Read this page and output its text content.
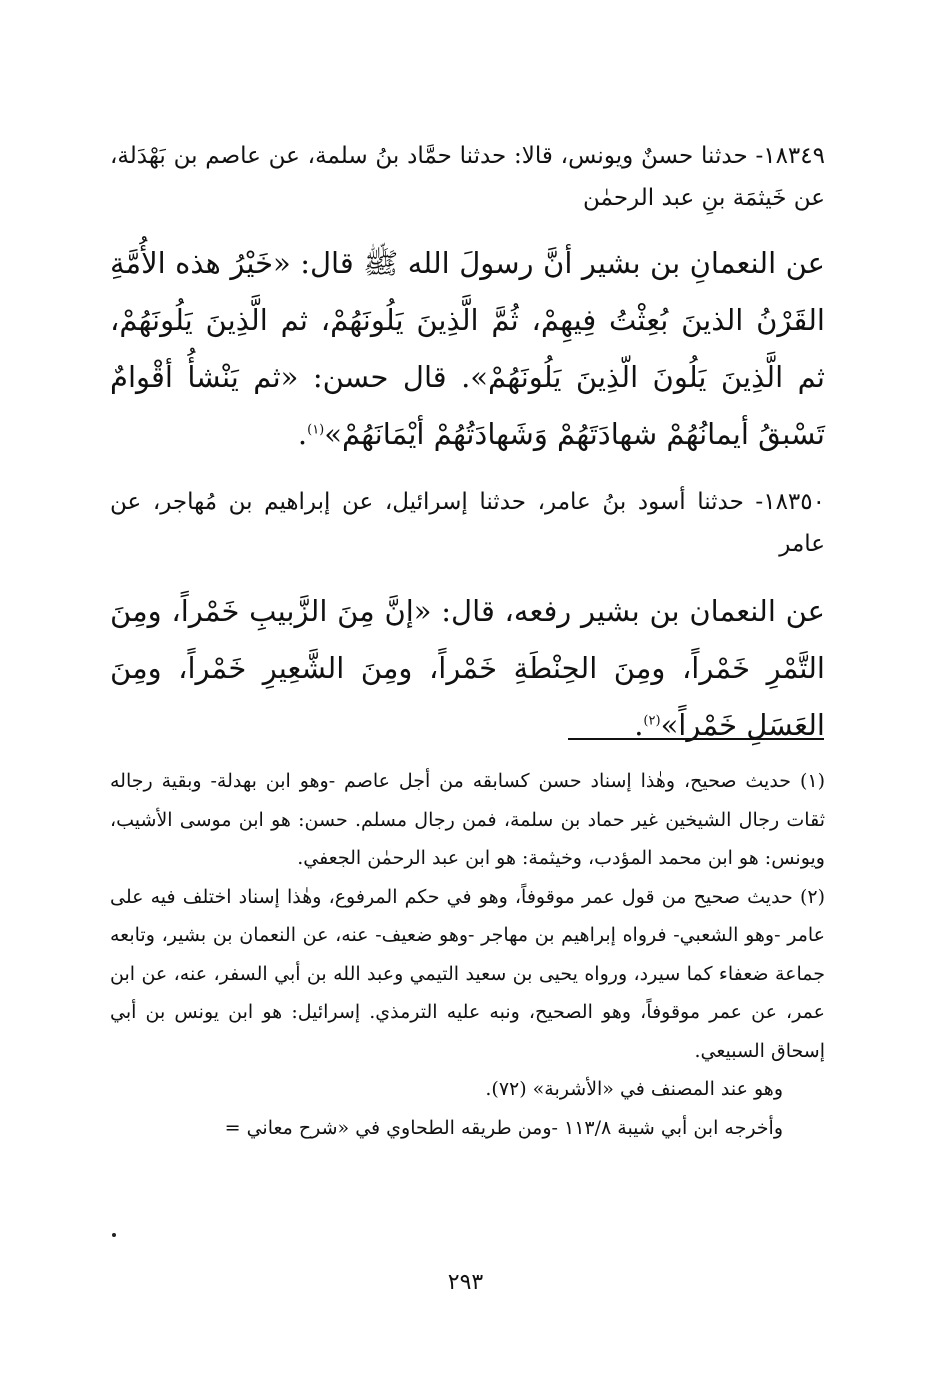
١٨٣٤٩- حدثنا حسنٌ ويونس، قالا: حدثنا حمَّاد بنُ سلمة، عن عاصم بن بَهْدَلة، عن خَيثمَة بنِ عبد الرحمٰن

عن النعمانِ بن بشير أنَّ رسولَ الله ﷺ قال: «خَيْرُ هذه الأُمَّةِ القَرْنُ الذينَ بُعِثْتُ فِيهِمْ، ثُمَّ الَّذِينَ يَلُونَهُمْ، ثم الَّذِينَ يَلُونَهُمْ، ثم الَّذِينَ يَلُونَ الّذِينَ يَلُونَهُمْ». قال حسن: «ثم يَنْشأُ أقْوامٌ تَسْبقُ أيمانُهُمْ شهادَتَهُمْ وَشَهادَتُهُمْ أيْمَانَهُمْ»$^{(١)}$.

١٨٣٥٠- حدثنا أسود بنُ عامر، حدثنا إسرائيل، عن إبراهيم بن مُهاجر، عن عامر

عن النعمان بن بشير رفعه، قال: «إنَّ مِنَ الزَّبيبِ خَمْراً، ومِنَ التَّمْرِ خَمْراً، ومِنَ الحِنْطَةِ خَمْراً، ومِنَ الشَّعِيرِ خَمْراً، ومِنَ العَسَلِ خَمْراً»$^{(٢)}$.

(١) حديث صحيح، وهٰذا إسناد حسن كسابقه من أجل عاصم -وهو ابن بهدلة- وبقية رجاله ثقات رجال الشيخين غير حماد بن سلمة، فمن رجال مسلم. حسن: هو ابن موسى الأشيب، ويونس: هو ابن محمد المؤدب، وخيثمة: هو ابن عبد الرحمٰن الجعفي.

(٢) حديث صحيح من قول عمر موقوفاً، وهو في حكم المرفوع، وهٰذا إسناد اختلف فيه على عامر -وهو الشعبي- فرواه إبراهيم بن مهاجر -وهو ضعيف- عنه، عن النعمان بن بشير، وتابعه جماعة ضعفاء كما سيرد، ورواه يحيى بن سعيد التيمي وعبد الله بن أبي السفر، عنه، عن ابن عمر، عن عمر موقوفاً، وهو الصحيح، ونبه عليه الترمذي. إسرائيل: هو ابن يونس بن أبي إسحاق السبيعي.

وهو عند المصنف في «الأشربة» (٧٢).

وأخرجه ابن أبي شيبة ١١٣/٨ -ومن طريقه الطحاوي في «شرح معاني =

٢٩٣
